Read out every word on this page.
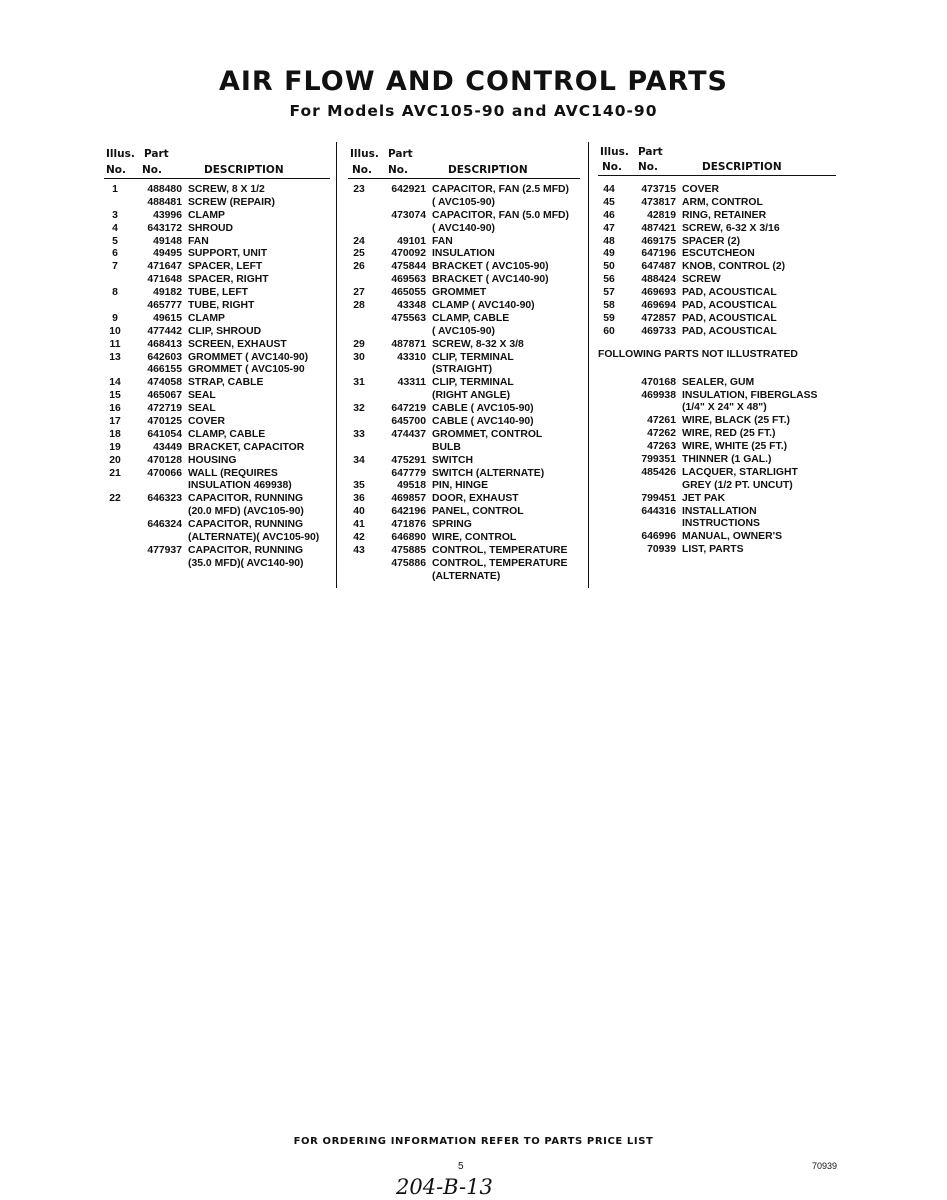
AIR FLOW AND CONTROL PARTS
For Models AVC105-90 and AVC140-90
Illus. Part
No. No.	DESCRIPTION
1	488480 SCREW, 8 X 1/2
488481 SCREW (REPAIR)
3	43996 CLAMP
4	643172 SHROUD
5	49148 FAN
6	49495 SUPPORT, UNIT
7	471647 SPACER, LEFT
471648 SPACER, RIGHT
8	49182 TUBE, LEFT
465777 TUBE, RIGHT
9	49615 CLAMP
10	477442 CLIP, SHROUD
11	468413 SCREEN, EXHAUST
13	642603 GROMMET ( AVC140-90)
466155 GROMMET ( AVC105-90
14	474058 STRAP, CABLE
15	465067 SEAL
16	472719 SEAL
17	470125 COVER
18	641054 CLAMP, CABLE
19	43449 BRACKET, CAPACITOR
20	470128 HOUSING
21	470066 WALL (REQUIRES
INSULATION 469938)
22	646323 CAPACITOR, RUNNING
(20.0 MFD) (AVC105-90)
646324 CAPACITOR, RUNNING
(ALTERNATE)( AVC105-90)
477937 CAPACITOR, RUNNING
(35.0 MFD)( AVC140-90)
Illus. Part
No. No.	DESCRIPTION
23	642921 CAPACITOR, FAN (2.5 MFD)
( AVC105-90)
473074 CAPACITOR, FAN (5.0 MFD)
( AVC140-90)
24	49101 FAN
25	470092 INSULATION
26	475844 BRACKET ( AVC105-90)
469563 BRACKET ( AVC140-90)
27	465055 GROMMET
28	43348 CLAMP ( AVC140-90)
475563 CLAMP, CABLE
( AVC105-90)
29	487871 SCREW, 8-32 X 3/8
30	43310 CLIP, TERMINAL
(STRAIGHT)
31	43311 CLIP, TERMINAL
(RIGHT ANGLE)
32	647219 CABLE ( AVC105-90)
645700 CABLE ( AVC140-90)
33	474437 GROMMET, CONTROL
BULB
34	475291 SWITCH
647779 SWITCH (ALTERNATE)
35	49518 PIN, HINGE
36	469857 DOOR, EXHAUST
40	642196 PANEL, CONTROL
41	471876 SPRING
42	646890 WIRE, CONTROL
43	475885 CONTROL, TEMPERATURE
475886 CONTROL, TEMPERATURE
(ALTERNATE)
Illus. Part
No. No.	DESCRIPTION
44	473715 COVER
45	473817 ARM, CONTROL
46	42819 RING, RETAINER
47	487421 SCREW, 6-32 X 3/16
48	469175 SPACER (2)
49	647196 ESCUTCHEON
50	647487 KNOB, CONTROL (2)
56	488424 SCREW
57	469693 PAD, ACOUSTICAL
58	469694 PAD, ACOUSTICAL
59	472857 PAD, ACOUSTICAL
60	469733 PAD, ACOUSTICAL
FOLLOWING PARTS NOT ILLUSTRATED
470168 SEALER, GUM
469938 INSULATION, FIBERGLASS
(1/4" X 24" X 48")
47261 WIRE, BLACK (25 FT.)
47262 WIRE, RED (25 FT.)
47263 WIRE, WHITE (25 FT.)
799351 THINNER (1 GAL.)
485426 LACQUER, STARLIGHT
GREY (1/2 PT. UNCUT)
799451 JET PAK
644316 INSTALLATION
INSTRUCTIONS
646996 MANUAL, OWNER'S
70939 LIST, PARTS
FOR ORDERING INFORMATION REFER TO PARTS PRICE LIST
5	70939
204-B-13
